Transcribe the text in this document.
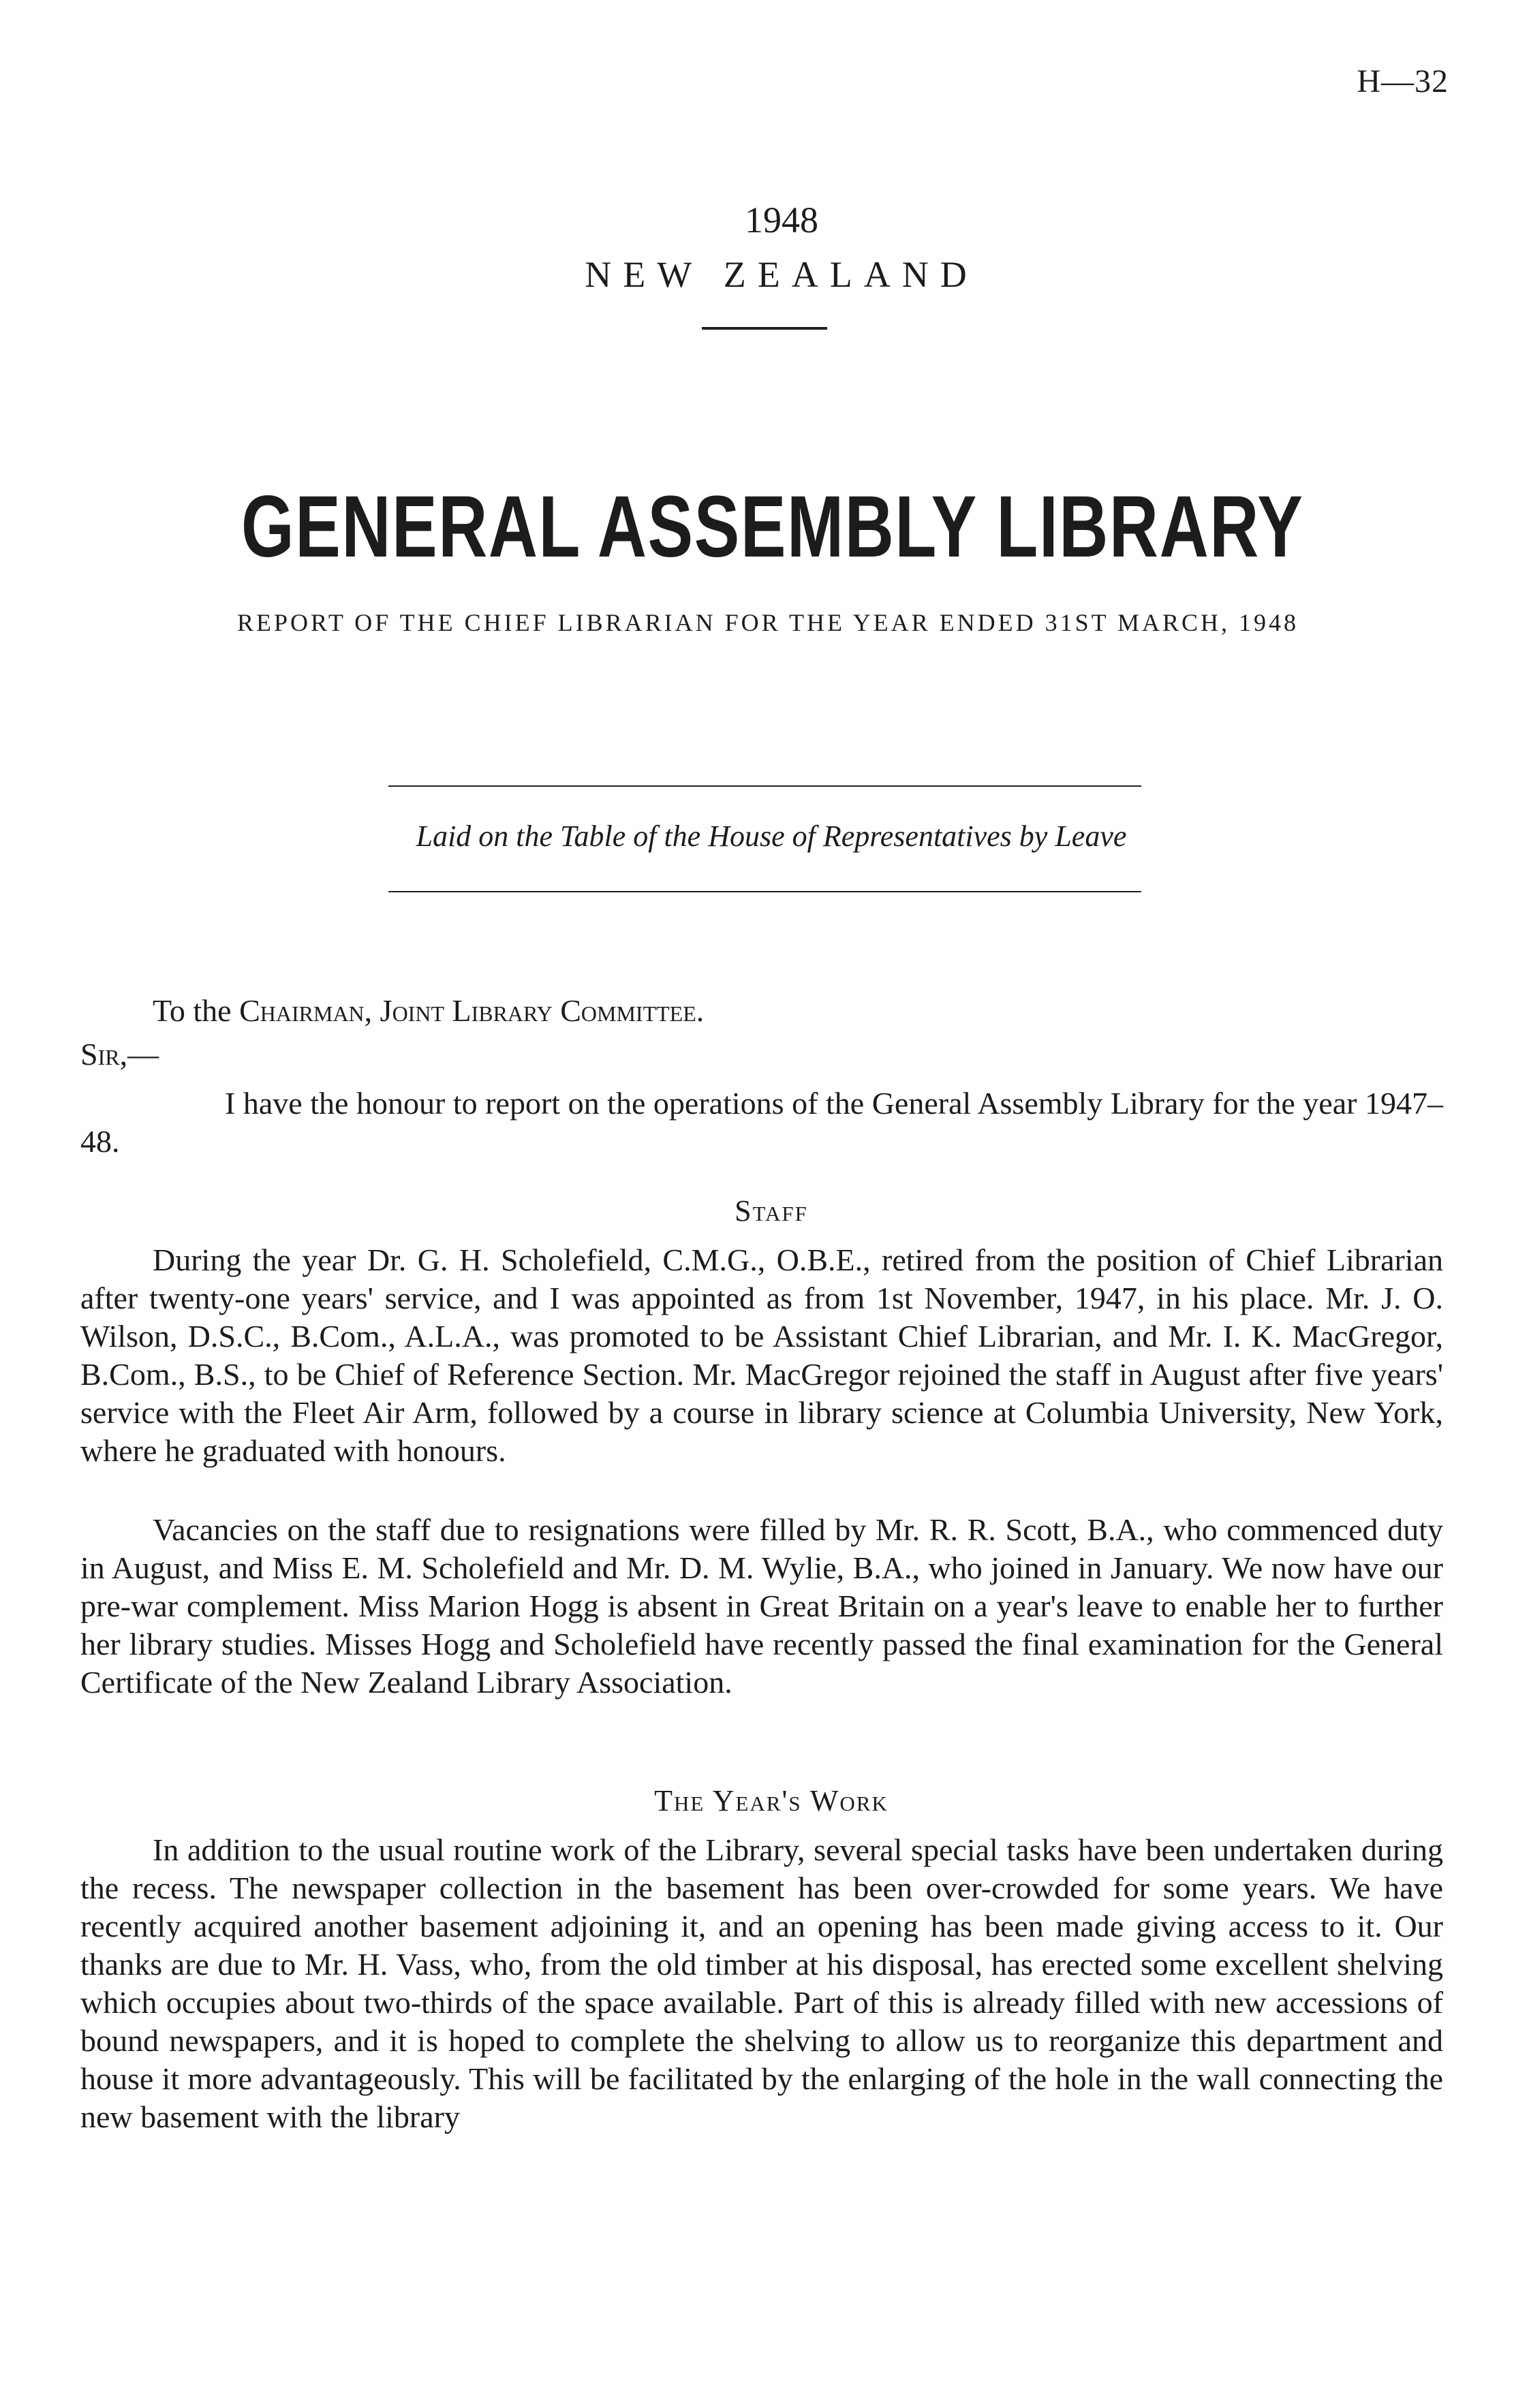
H—32
1948
NEW ZEALAND
GENERAL ASSEMBLY LIBRARY
REPORT OF THE CHIEF LIBRARIAN FOR THE YEAR ENDED 31ST MARCH, 1948
Laid on the Table of the House of Representatives by Leave
To the Chairman, Joint Library Committee.
Sir,—

I have the honour to report on the operations of the General Assembly Library for the year 1947–48.

Staff

During the year Dr. G. H. Scholefield, C.M.G., O.B.E., retired from the position of Chief Librarian after twenty-one years' service, and I was appointed as from 1st November, 1947, in his place. Mr. J. O. Wilson, D.S.C., B.Com., A.L.A., was promoted to be Assistant Chief Librarian, and Mr. I. K. MacGregor, B.Com., B.S., to be Chief of Reference Section. Mr. MacGregor rejoined the staff in August after five years' service with the Fleet Air Arm, followed by a course in library science at Columbia University, New York, where he graduated with honours.

Vacancies on the staff due to resignations were filled by Mr. R. R. Scott, B.A., who commenced duty in August, and Miss E. M. Scholefield and Mr. D. M. Wylie, B.A., who joined in January. We now have our pre-war complement. Miss Marion Hogg is absent in Great Britain on a year's leave to enable her to further her library studies. Misses Hogg and Scholefield have recently passed the final examination for the General Certificate of the New Zealand Library Association.

The Year's Work

In addition to the usual routine work of the Library, several special tasks have been undertaken during the recess. The newspaper collection in the basement has been over-crowded for some years. We have recently acquired another basement adjoining it, and an opening has been made giving access to it. Our thanks are due to Mr. H. Vass, who, from the old timber at his disposal, has erected some excellent shelving which occupies about two-thirds of the space available. Part of this is already filled with new accessions of bound newspapers, and it is hoped to complete the shelving to allow us to reorganize this department and house it more advantageously. This will be facilitated by the enlarging of the hole in the wall connecting the new basement with the library
